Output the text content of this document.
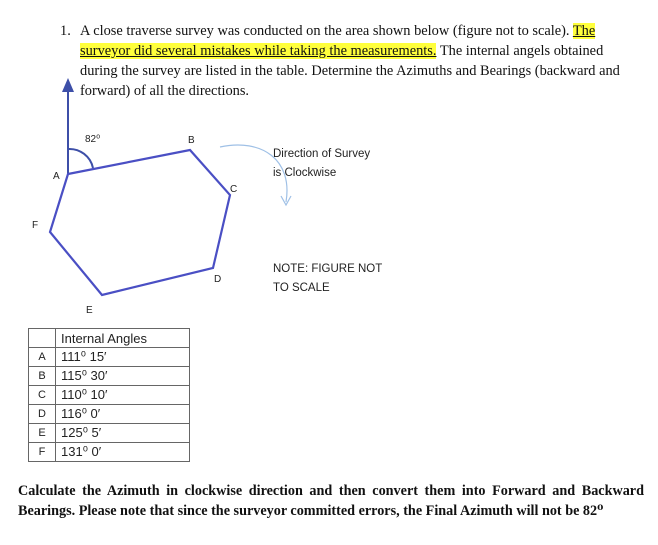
1. A close traverse survey was conducted on the area shown below (figure not to scale). The surveyor did several mistakes while taking the measurements. The internal angels obtained during the survey are listed in the table. Determine the Azimuths and Bearings (backward and forward) of all the directions.
82⁰	B
A
C
F
D
E
Direction of Survey
is Clockwise
NOTE: FIGURE NOT
TO SCALE
	Internal Angles
A	111⁰ 15′
B	115⁰ 30′
C	110⁰ 10′
D	116⁰ 0′
E	125⁰ 5′
F	131⁰ 0′
Calculate the Azimuth in clockwise direction and then convert them into Forward and Backward Bearings. Please note that since the surveyor committed errors, the Final Azimuth will not be 82⁰
